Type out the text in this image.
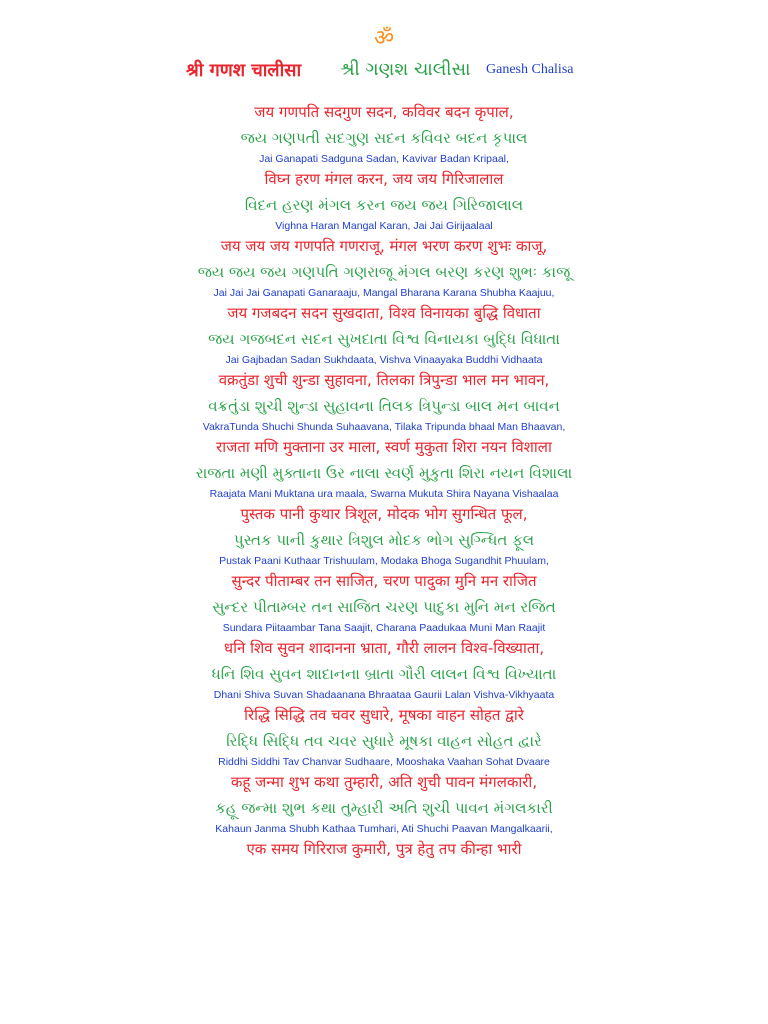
ॐ
श्री गणश चालीसा શ્રી ગણશ ચાલીસા Ganesh Chalisa

जय गणपति सदगुण सदन, कविवर बदन कृपाल,

જય ગણપતી સદગુણ સદન કવિવર બદન કૃપાલ

Jai Ganapati Sadguna Sadan, Kavivar Badan Kripaal,

विघ्न हरण मंगल करन, जय जय गिरिजालाल

વિદન હરણ મંગલ કરન જય જય ગિરિજાલાલ

Vighna Haran Mangal Karan, Jai Jai Girijaalaal

जय जय जय गणपति गणराजू, मंगल भरण करण शुभः काजू,

જય જય જય ગણપતિ ગણરાજૂ મંગલ બરણ કરણ શુભઃ કાજૂ

Jai Jai Jai Ganapati Ganaraaju, Mangal Bharana Karana Shubha Kaajuu,

जय गजबदन सदन सुखदाता, विश्व विनायका बुद्धि विधाता

જય ગજબદન સદન સુખદાતા વિશ્વ વિનાયકા બુદ્ધિ વિધાતા

Jai Gajbadan Sadan Sukhdaata, Vishva Vinaayaka Buddhi Vidhaata

वक्रतुंडा शुची शुन्डा सुहावना, तिलका त्रिपुन्डा भाल मन भावन,

વક્રતુંડા શુચી શુન્ડા સુહાવના તિલક ત્રિપુન્ડા બાલ મન બાવન

VakraTunda Shuchi Shunda Suhaavana, Tilaka Tripunda bhaal Man Bhaavan,

राजता मणि मुक्ताना उर माला, स्वर्ण मुकुता शिरा नयन विशाला

રાજતા મણી મુક્તાના ઉર નાલા સ્વર્ણ મુકુતા શિરા નયન વિશાલા

Raajata Mani Muktana ura maala, Swarna Mukuta Shira Nayana Vishaalaa

पुस्तक पानी कुथार त्रिशूल, मोदक भोग सुगन्धित फूल,

પુસ્તક પાની કુથાર ત્રિશુલ મોદક ભોગ સુગ્ન્ધિત ફૂલ

Pustak Paani Kuthaar Trishuulam, Modaka Bhoga Sugandhit Phuulam,

सुन्दर पीताम्बर तन साजित, चरण पादुका मुनि मन राजित

સુન્દર પીતામ્બર તન સાજિત ચરણ પાદુકા મુનિ મન રજિત

Sundara Piitaambar Tana Saajit, Charana Paadukaa Muni Man Raajit

धनि शिव सुवन शादानना भ्राता, गौरी लालन विश्व-विख्याता,

ધનિ શિવ સુવન શાદાનના બ્રાતા ગૌરી લાલન વિશ્વ વિખ્યાતા

Dhani Shiva Suvan Shadaanana Bhraataa Gaurii Lalan Vishva-Vikhyaata

रिद्धि सिद्धि तव चवर सुधारे, मूषका वाहन सोहत द्वारे

રિદ્ધિ સિદ્ધિ તવ ચવર સુધારે મૂષકા વાહન સોહત દ્વારે

Riddhi Siddhi Tav Chanvar Sudhaare, Mooshaka Vaahan Sohat Dvaare

कहू जन्मा शुभ कथा तुम्हारी, अति शुची पावन मंगलकारी,

કહૂ જન્મા શુભ કથા તુમ્હારી અતિ શુચી પાવન મંગલકારી

Kahaun Janma Shubh Kathaa Tumhari, Ati Shuchi Paavan Mangalkaarii,

एक समय गिरिराज कुमारी, पुत्र हेतु तप कीन्हा भारी
